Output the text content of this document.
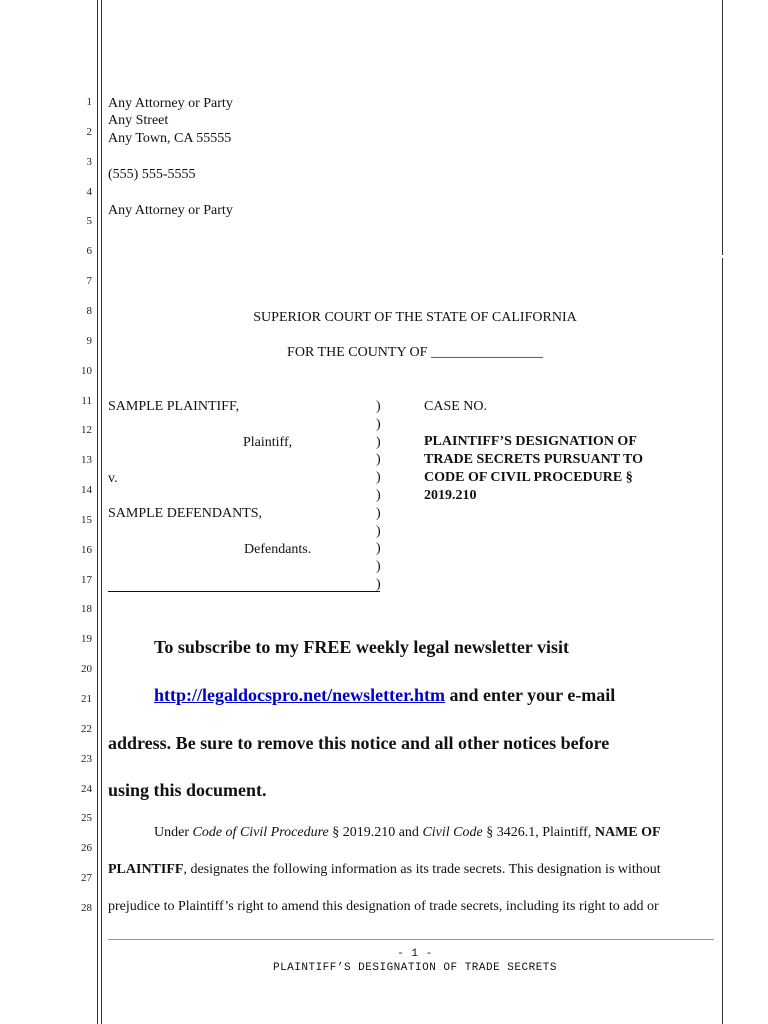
1
2
3
4
5
6
7
8
9
10
11
12
13
14
15
16
17
18
19
20
21
22
23
24
25
26
27
28
Any Attorney or Party
Any Street
Any Town, CA 55555
(555) 555-5555
Any Attorney or Party
SUPERIOR COURT OF THE STATE OF CALIFORNIA
FOR THE COUNTY OF ________________
SAMPLE PLAINTIFF,
Plaintiff,
v.
SAMPLE DEFENDANTS,
Defendants.
)
)
)
)
)
)
)
)
)
)
)
CASE NO.
PLAINTIFF’S DESIGNATION OF
TRADE SECRETS PURSUANT TO
CODE OF CIVIL PROCEDURE §
2019.210
To subscribe to my FREE weekly legal newsletter visit
http://legaldocspro.net/newsletter.htm and enter your e-mail
address. Be sure to remove this notice and all other notices before
using this document.
Under Code of Civil Procedure § 2019.210 and Civil Code § 3426.1, Plaintiff, NAME OF
PLAINTIFF, designates the following information as its trade secrets. This designation is without
prejudice to Plaintiff’s right to amend this designation of trade secrets, including its right to add or
- 1 -
PLAINTIFF’S DESIGNATION OF TRADE SECRETS
